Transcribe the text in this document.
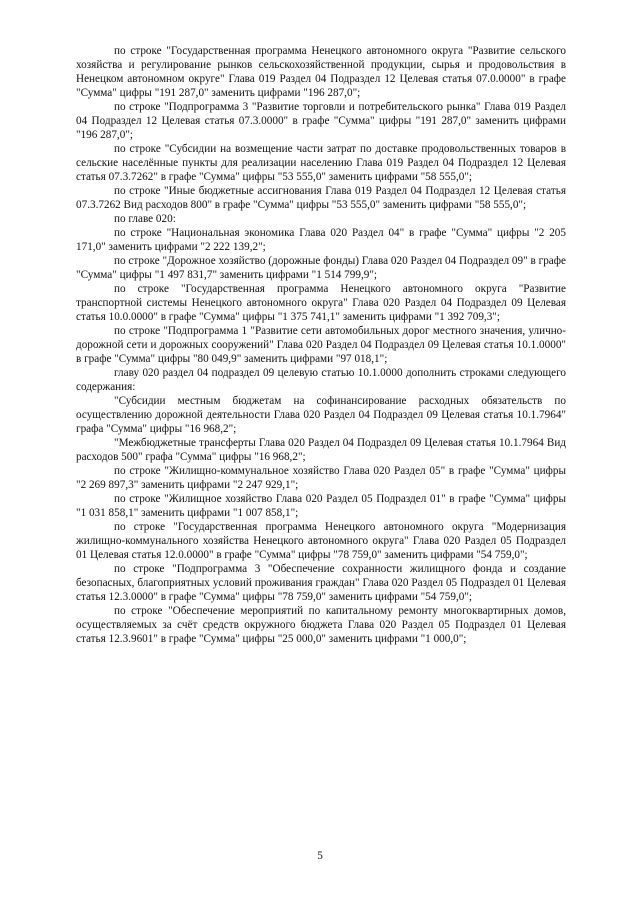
по строке "Государственная программа Ненецкого автономного округа "Развитие сельского хозяйства и регулирование рынков сельскохозяйственной продукции, сырья и продовольствия в Ненецком автономном округе" Глава 019 Раздел 04 Подраздел 12 Целевая статья 07.0.0000" в графе "Сумма" цифры "191 287,0" заменить цифрами "196 287,0";

по строке "Подпрограмма 3 "Развитие торговли и потребительского рынка" Глава 019 Раздел 04 Подраздел 12 Целевая статья 07.3.0000" в графе "Сумма" цифры "191 287,0" заменить цифрами "196 287,0";

по строке "Субсидии на возмещение части затрат по доставке продовольственных товаров в сельские населённые пункты для реализации населению Глава 019 Раздел 04 Подраздел 12 Целевая статья 07.3.7262" в графе "Сумма" цифры "53 555,0" заменить цифрами "58 555,0";

по строке "Иные бюджетные ассигнования Глава 019 Раздел 04 Подраздел 12 Целевая статья 07.3.7262 Вид расходов 800" в графе "Сумма" цифры "53 555,0" заменить цифрами "58 555,0";

по главе 020:

по строке "Национальная экономика Глава 020 Раздел 04" в графе "Сумма" цифры "2 205 171,0" заменить цифрами "2 222 139,2";

по строке "Дорожное хозяйство (дорожные фонды) Глава 020 Раздел 04 Подраздел 09" в графе "Сумма" цифры "1 497 831,7" заменить цифрами "1 514 799,9";

по строке "Государственная программа Ненецкого автономного округа "Развитие транспортной системы Ненецкого автономного округа" Глава 020 Раздел 04 Подраздел 09 Целевая статья 10.0.0000" в графе "Сумма" цифры "1 375 741,1" заменить цифрами "1 392 709,3";

по строке "Подпрограмма 1 "Развитие сети автомобильных дорог местного значения, улично-дорожной сети и дорожных сооружений" Глава 020 Раздел 04 Подраздел 09 Целевая статья 10.1.0000" в графе "Сумма" цифры "80 049,9" заменить цифрами "97 018,1";

главу 020 раздел 04 подраздел 09 целевую статью 10.1.0000 дополнить строками следующего содержания:

"Субсидии местным бюджетам на софинансирование расходных обязательств по осуществлению дорожной деятельности Глава 020 Раздел 04 Подраздел 09 Целевая статья 10.1.7964" графа "Сумма" цифры "16 968,2";

"Межбюджетные трансферты Глава 020 Раздел 04 Подраздел 09 Целевая статья 10.1.7964 Вид расходов 500" графа "Сумма" цифры "16 968,2";

по строке "Жилищно-коммунальное хозяйство Глава 020 Раздел 05" в графе "Сумма" цифры "2 269 897,3" заменить цифрами "2 247 929,1";

по строке "Жилищное хозяйство Глава 020 Раздел 05 Подраздел 01" в графе "Сумма" цифры "1 031 858,1" заменить цифрами "1 007 858,1";

по строке "Государственная программа Ненецкого автономного округа "Модернизация жилищно-коммунального хозяйства Ненецкого автономного округа" Глава 020 Раздел 05 Подраздел 01 Целевая статья 12.0.0000" в графе "Сумма" цифры "78 759,0" заменить цифрами "54 759,0";

по строке "Подпрограмма 3 "Обеспечение сохранности жилищного фонда и создание безопасных, благоприятных условий проживания граждан" Глава 020 Раздел 05 Подраздел 01 Целевая статья 12.3.0000" в графе "Сумма" цифры "78 759,0" заменить цифрами "54 759,0";

по строке "Обеспечение мероприятий по капитальному ремонту многоквартирных домов, осуществляемых за счёт средств окружного бюджета Глава 020 Раздел 05 Подраздел 01 Целевая статья 12.3.9601" в графе "Сумма" цифры "25 000,0" заменить цифрами "1 000,0";

5
